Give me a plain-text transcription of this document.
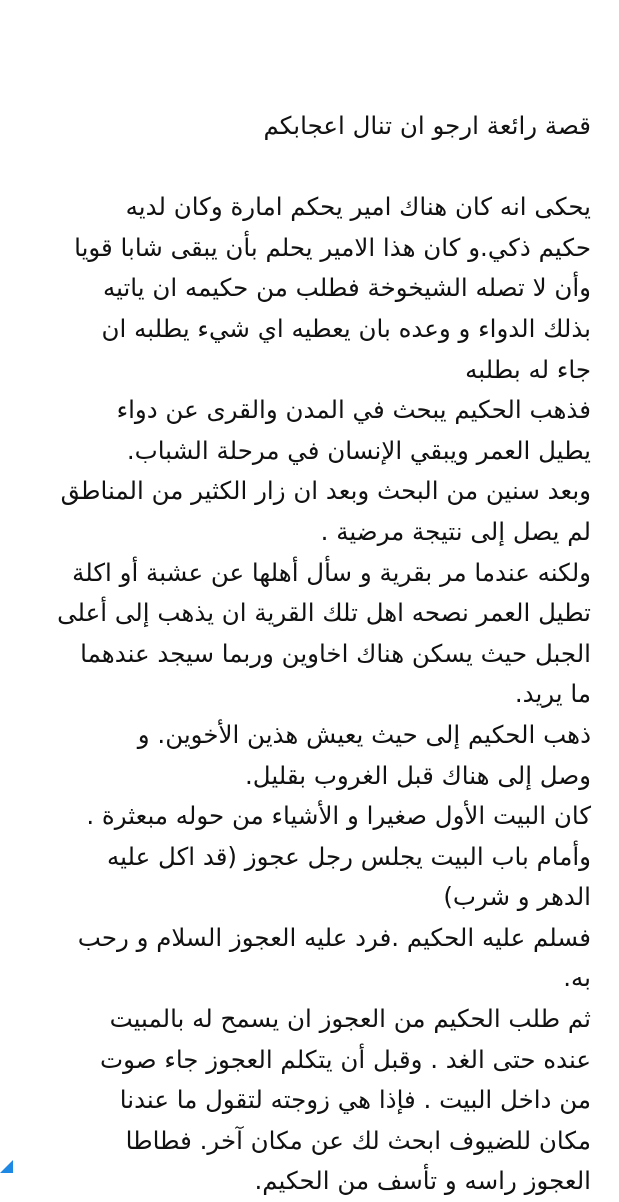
قصة رائعة ارجو ان تنال اعجابكم
يحكى انه كان هناك امير يحكم امارة وكان لديه
حكيم ذكي.و كان هذا الامير يحلم بأن يبقى شابا قويا
وأن لا تصله الشيخوخة فطلب من حكيمه ان ياتيه
بذلك الدواء و وعده بان يعطيه اي شيء يطلبه ان
جاء له بطلبه
فذهب الحكيم يبحث في المدن والقرى عن دواء
يطيل العمر ويبقي الإنسان في مرحلة الشباب.
وبعد سنين من البحث وبعد ان زار الكثير من المناطق
لم يصل إلى نتيجة مرضية .
ولكنه عندما مر بقرية و سأل أهلها عن عشبة أو اكلة
تطيل العمر نصحه اهل تلك القرية ان يذهب إلى أعلى
الجبل حيث يسكن هناك اخاوين وربما سيجد عندهما
ما يريد.
ذهب الحكيم إلى حيث يعيش هذين الأخوين. و
وصل إلى هناك قبل الغروب بقليل.
كان البيت الأول صغيرا و الأشياء من حوله مبعثرة .
وأمام باب البيت يجلس رجل عجوز (قد اكل عليه
الدهر و شرب)
فسلم عليه الحكيم .فرد عليه العجوز السلام و رحب
به.
ثم طلب الحكيم من العجوز ان يسمح له بالمبيت
عنده حتى الغد . وقبل أن يتكلم العجوز جاء صوت
من داخل البيت . فإذا هي زوجته لتقول ما عندنا
مكان للضيوف ابحث لك عن مكان آخر. فطاطا
العجوز راسه و تأسف من الحكيم.
